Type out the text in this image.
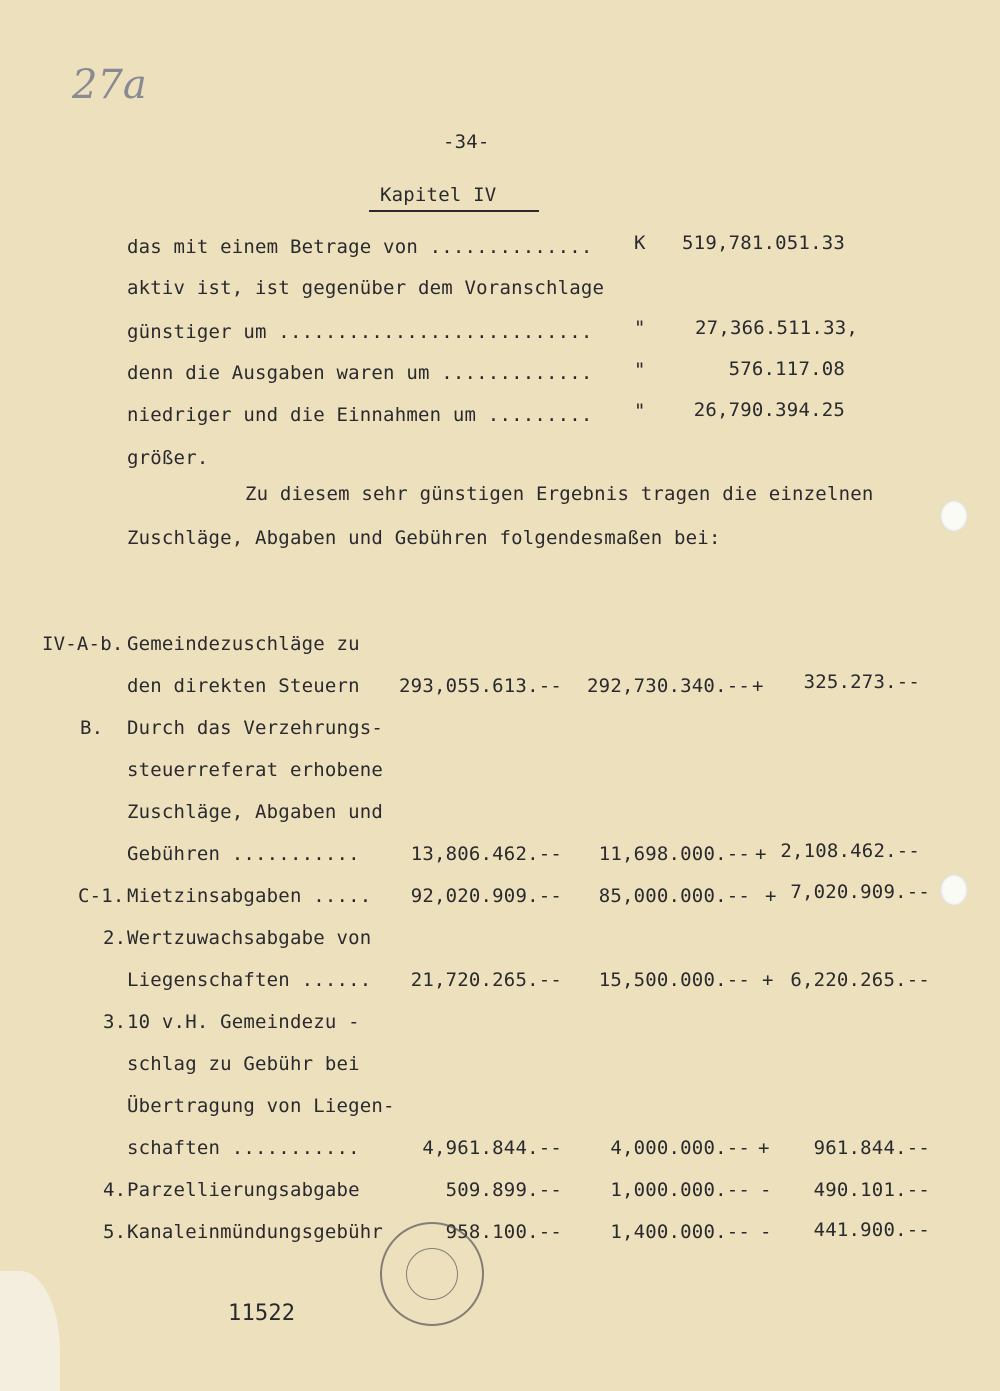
27a
-34-
Kapitel IV
das mit einem Betrage von .............. K	519,781.051.33
aktiv ist, ist gegenüber dem Voranschlage
günstiger um ........................... "	27,366.511.33,
denn die Ausgaben waren um ............. "	576.117.08
niedriger und die Einnahmen um ......... "	26,790.394.25
größer.
Zu diesem sehr günstigen Ergebnis tragen die einzelnen
Zuschläge, Abgaben und Gebühren folgendesmaßen bei:
IV-A-b. Gemeindezuschläge zu
den direkten Steuern	293,055.613.--	292,730.340.-- +	325.273.--
B. Durch das Verzehrungs-
steuerreferat erhobene
Zuschläge, Abgaben und
Gebühren ...........	13,806.462.--	11,698.000.-- + 2,108.462.--
C-1. Mietzinsabgaben .....	92,020.909.--	85,000.000.-- + 7,020.909.--
2. Wertzuwachsabgabe von
Liegenschaften ......	21,720.265.--	15,500.000.-- + 6,220.265.--
3. 10 v.H. Gemeindezu -
schlag zu Gebühr bei
Übertragung von Liegen-
schaften ...........	4,961.844.--	4,000.000.-- +	961.844.--
4. Parzellierungsabgabe	509.899.--	1,000.000.-- -	490.101.--
5. Kanaleinmündungsgebühr	958.100.--	1,400.000.-- -	441.900.--
11522
